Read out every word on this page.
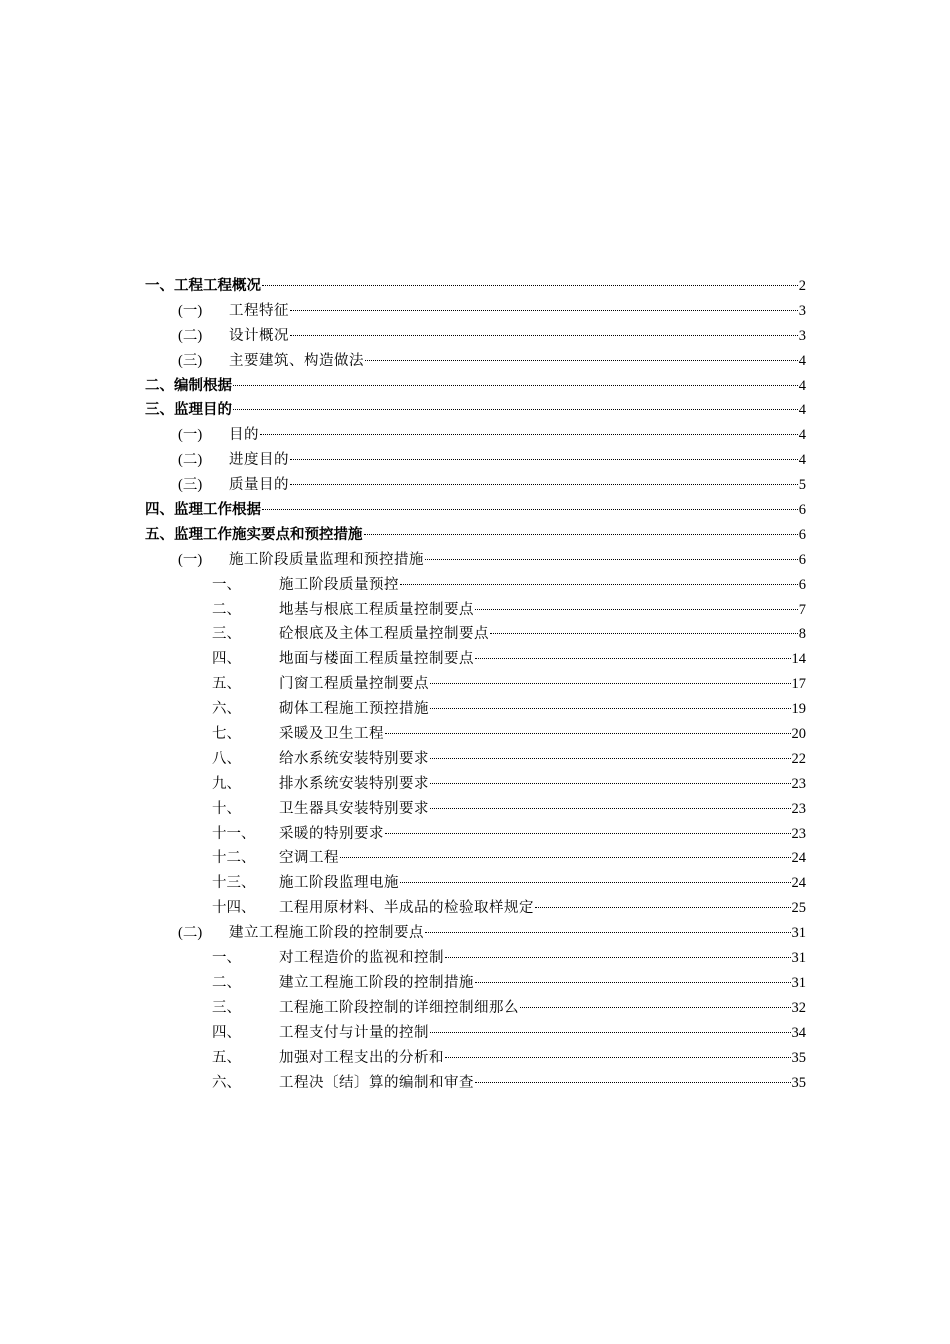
一、工程工程概况	2
(一) 工程特征	3
(二) 设计概况	3
(三) 主要建筑、构造做法	4
二、编制根据	4
三、监理目的	4
(一) 目的	4
(二) 进度目的	4
(三) 质量目的	5
四、监理工作根据	6
五、监理工作施实要点和预控措施	6
(一) 施工阶段质量监理和预控措施	6
一、	施工阶段质量预控	6
二、	地基与根底工程质量控制要点	7
三、	砼根底及主体工程质量控制要点	8
四、	地面与楼面工程质量控制要点	14
五、	门窗工程质量控制要点	17
六、	砌体工程施工预控措施	19
七、	采暖及卫生工程	20
八、	给水系统安装特别要求	22
九、	排水系统安装特别要求	23
十、	卫生器具安装特别要求	23
十一、 采暖的特别要求	23
十二、 空调工程	24
十三、 施工阶段监理电施	24
十四、 工程用原材料、半成品的检验取样规定	25
(二) 建立工程施工阶段的控制要点	31
一、	对工程造价的监视和控制	31
二、	建立工程施工阶段的控制措施	31
三、	工程施工阶段控制的详细控制细那么	32
四、	工程支付与计量的控制	34
五、	加强对工程支出的分析和	35
六、	工程决〔结〕算的编制和审查	35
